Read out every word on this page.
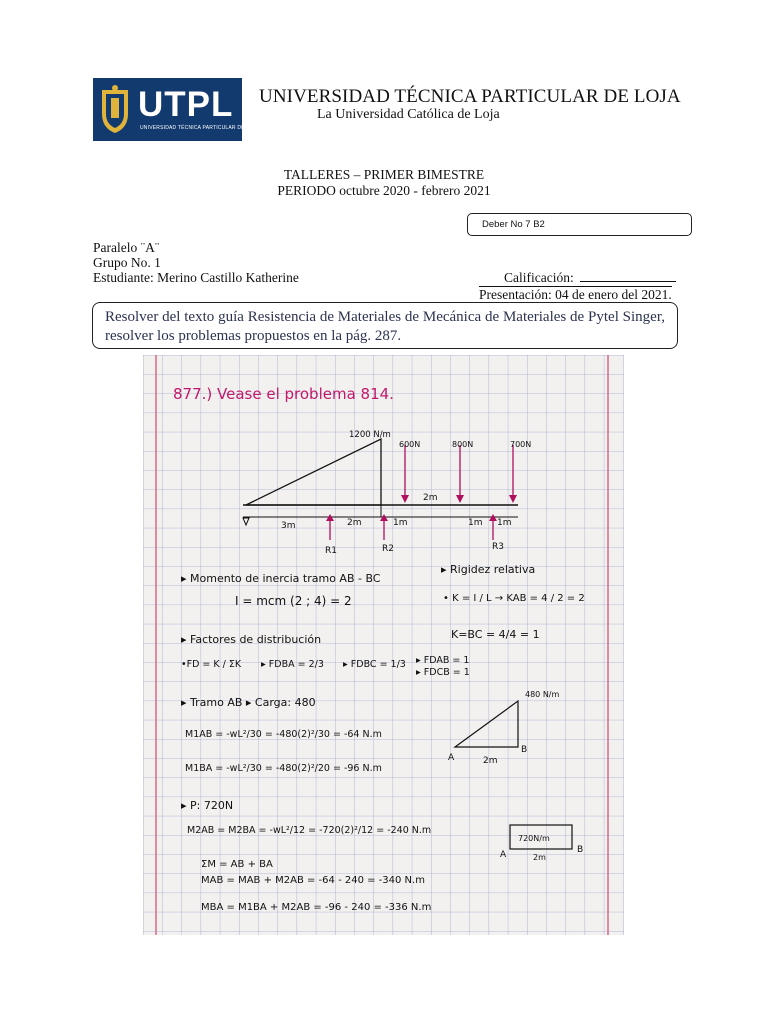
UTPL
UNIVERSIDAD TÉCNICA PARTICULAR DE LOJA
UNIVERSIDAD TÉCNICA PARTICULAR DE LOJA
La Universidad Católica de Loja
TALLERES – PRIMER BIMESTRE
PERIODO octubre 2020 - febrero 2021
Deber No 7 B2
Paralelo ¨A¨
Grupo No. 1
Estudiante: Merino Castillo Katherine	Calificación:
Presentación: 04 de enero del 2021.

Resolver del texto guía Resistencia de Materiales de Mecánica de Materiales de Pytel Singer, resolver los problemas propuestos en la pág. 287.

877.) Vease el problema 814.
1200 N/m
600N	800N	700N
2m
3m	2m	1m	1m 1m
R1	R2	R3
▸ Momento de inercia tramo AB - BC
▸ Rigidez relativa
I = mcm (2 ; 4) = 2	• K = I / L → KAB = 4 / 2 = 2
▸ Factores de distribución	K=BC = 4/4 = 1
•FD = K / ΣK ▸ FDBA = 2/3 ▸ FDBC = 1/3 ▸ FDAB = 1
▸ FDCB = 1
▸ Tramo AB ▸ Carga: 480
480 N/m
A
B
2m
M1AB = -wL²/30 = -480(2)²/30 = -64 N.m
M1BA = -wL²/30 = -480(2)²/20 = -96 N.m
▸ P: 720N
M2AB = M2BA = -wL²/12 = -720(2)²/12 = -240 N.m
720N/m
A	B
2m
ΣM = AB + BA
MAB = MAB + M2AB = -64 - 240 = -340 N.m
MBA = M1BA + M2AB = -96 - 240 = -336 N.m
